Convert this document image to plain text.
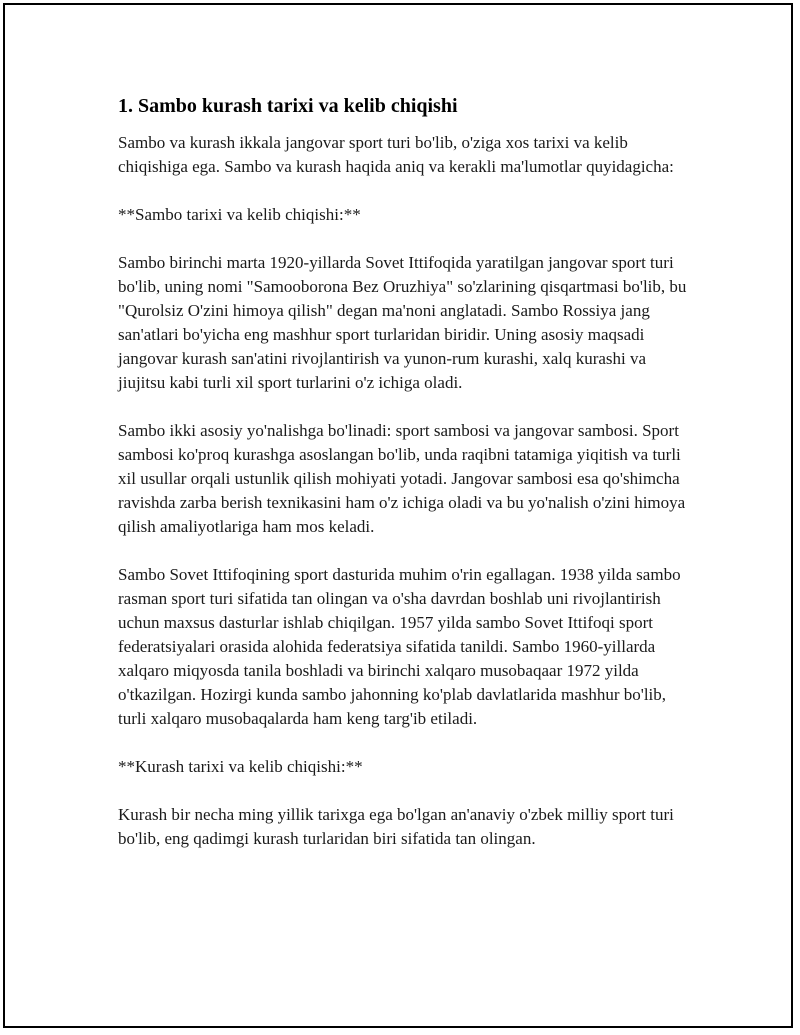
1. Sambo kurash tarixi va kelib chiqishi

Sambo va kurash ikkala jangovar sport turi bo'lib, o'ziga xos tarixi va kelib chiqishiga ega. Sambo va kurash haqida aniq va kerakli ma'lumotlar quyidagicha:

**Sambo tarixi va kelib chiqishi:**

Sambo birinchi marta 1920-yillarda Sovet Ittifoqida yaratilgan jangovar sport turi bo'lib, uning nomi "Samooborona Bez Oruzhiya" so'zlarining qisqartmasi bo'lib, bu "Qurolsiz O'zini himoya qilish" degan ma'noni anglatadi. Sambo Rossiya jang san'atlari bo'yicha eng mashhur sport turlaridan biridir. Uning asosiy maqsadi jangovar kurash san'atini rivojlantirish va yunon-rum kurashi, xalq kurashi va jiujitsu kabi turli xil sport turlarini o'z ichiga oladi.

Sambo ikki asosiy yo'nalishga bo'linadi: sport sambosi va jangovar sambosi. Sport sambosi ko'proq kurashga asoslangan bo'lib, unda raqibni tatamiga yiqitish va turli xil usullar orqali ustunlik qilish mohiyati yotadi. Jangovar sambosi esa qo'shimcha ravishda zarba berish texnikasini ham o'z ichiga oladi va bu yo'nalish o'zini himoya qilish amaliyotlariga ham mos keladi.

Sambo Sovet Ittifoqining sport dasturida muhim o'rin egallagan. 1938 yilda sambo rasman sport turi sifatida tan olingan va o'sha davrdan boshlab uni rivojlantirish uchun maxsus dasturlar ishlab chiqilgan. 1957 yilda sambo Sovet Ittifoqi sport federatsiyalari orasida alohida federatsiya sifatida tanildi. Sambo 1960-yillarda xalqaro miqyosda tanila boshladi va birinchi xalqaro musobaqaar 1972 yilda o'tkazilgan. Hozirgi kunda sambo jahonning ko'plab davlatlarida mashhur bo'lib, turli xalqaro musobaqalarda ham keng targ'ib etiladi.

**Kurash tarixi va kelib chiqishi:**

Kurash bir necha ming yillik tarixga ega bo'lgan an'anaviy o'zbek milliy sport turi bo'lib, eng qadimgi kurash turlaridan biri sifatida tan olingan.
